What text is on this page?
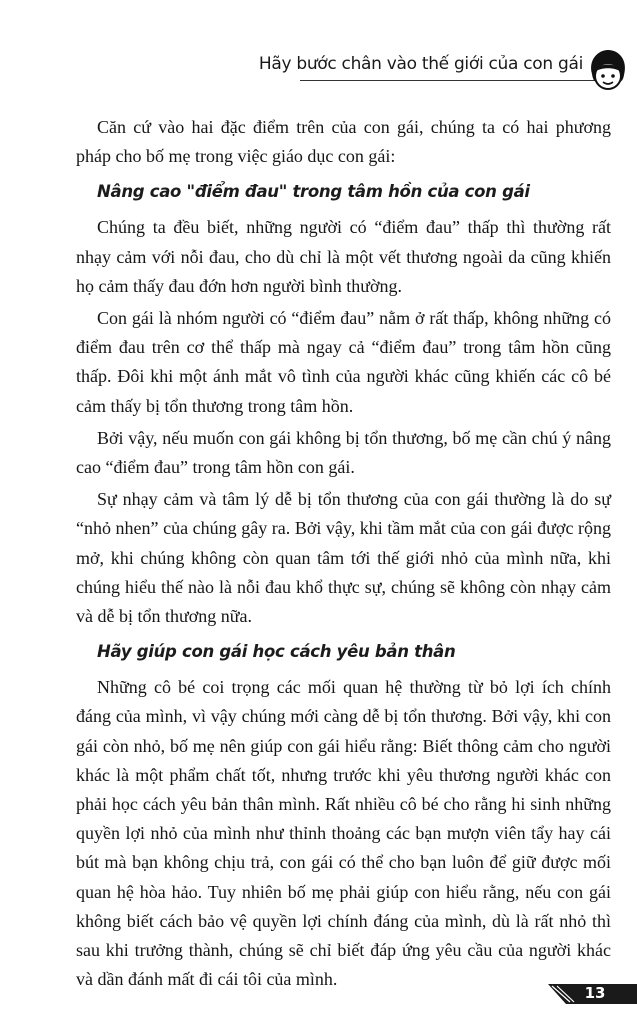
Hãy bước chân vào thế giới của con gái

Căn cứ vào hai đặc điểm trên của con gái, chúng ta có hai phương pháp cho bố mẹ trong việc giáo dục con gái:

Nâng cao "điểm đau" trong tâm hồn của con gái

Chúng ta đều biết, những người có “điểm đau” thấp thì thường rất nhạy cảm với nỗi đau, cho dù chỉ là một vết thương ngoài da cũng khiến họ cảm thấy đau đớn hơn người bình thường.

Con gái là nhóm người có “điểm đau” nằm ở rất thấp, không những có điểm đau trên cơ thể thấp mà ngay cả “điểm đau” trong tâm hồn cũng thấp. Đôi khi một ánh mắt vô tình của người khác cũng khiến các cô bé cảm thấy bị tổn thương trong tâm hồn.

Bởi vậy, nếu muốn con gái không bị tổn thương, bố mẹ cần chú ý nâng cao “điểm đau” trong tâm hồn con gái.

Sự nhạy cảm và tâm lý dễ bị tổn thương của con gái thường là do sự “nhỏ nhen” của chúng gây ra. Bởi vậy, khi tầm mắt của con gái được rộng mở, khi chúng không còn quan tâm tới thế giới nhỏ của mình nữa, khi chúng hiểu thế nào là nỗi đau khổ thực sự, chúng sẽ không còn nhạy cảm và dễ bị tổn thương nữa.

Hãy giúp con gái học cách yêu bản thân

Những cô bé coi trọng các mối quan hệ thường từ bỏ lợi ích chính đáng của mình, vì vậy chúng mới càng dễ bị tổn thương. Bởi vậy, khi con gái còn nhỏ, bố mẹ nên giúp con gái hiểu rằng: Biết thông cảm cho người khác là một phẩm chất tốt, nhưng trước khi yêu thương người khác con phải học cách yêu bản thân mình. Rất nhiều cô bé cho rằng hi sinh những quyền lợi nhỏ của mình như thỉnh thoảng các bạn mượn viên tẩy hay cái bút mà bạn không chịu trả, con gái có thể cho bạn luôn để giữ được mối quan hệ hòa hảo. Tuy nhiên bố mẹ phải giúp con hiểu rằng, nếu con gái không biết cách bảo vệ quyền lợi chính đáng của mình, dù là rất nhỏ thì sau khi trưởng thành, chúng sẽ chỉ biết đáp ứng yêu cầu của người khác và dần đánh mất đi cái tôi của mình.

13
